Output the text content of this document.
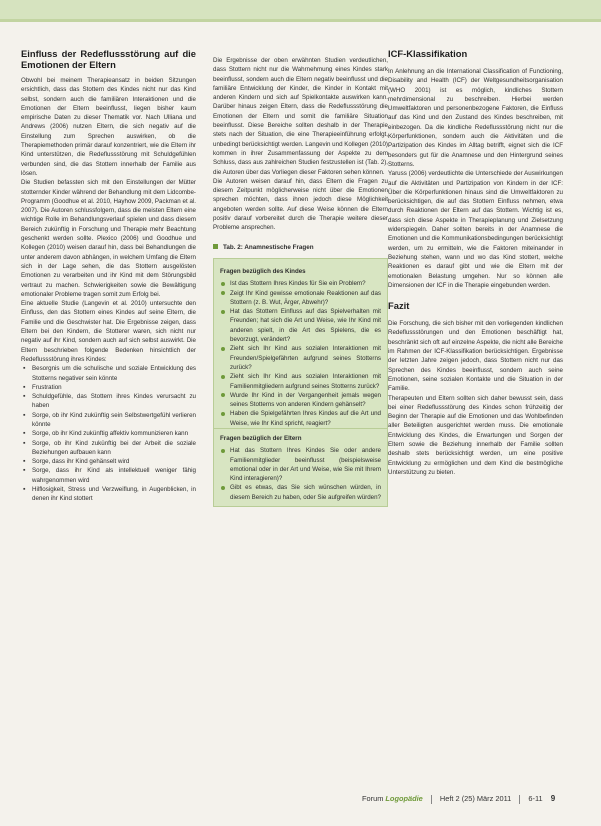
Einfluss der Redeflussstörung auf die Emotionen der Eltern

Obwohl bei meinem Therapieansatz in beiden Sitzungen ersichtlich, dass das Stottern des Kindes nicht nur das Kind selbst, sondern auch die familiären Interaktionen und die Emotionen der Eltern beeinflusst, liegen bisher kaum empirische Daten zu dieser Thematik vor. Nach Ulliana und Andrews (2006) nutzen Eltern, die sich negativ auf die Einstellung zum Sprechen auswirken, ob die Therapiemethoden primär darauf konzentriert, wie die Eltern ihr Kind unterstützen, die Redeflussstörung mit Schuldgefühlen verbunden sind, die das Stottern innerhalb der Familie aus lösen.

Die Studien befassten sich mit den Einstellungen der Mütter stotternder Kinder während der Behandlung mit dem Lidcombe-Programm (Goodhue et al. 2010, Hayhow 2009, Packman et al. 2007). Die Autoren schlussfolgern, dass die meisten Eltern eine wichtige Rolle im Behandlungsverlauf spielen und dass diesem Bereich zukünftig in Forschung und Therapie mehr Beachtung geschenkt werden sollte. Plexico (2006) und Goodhue und Kollegen (2010) weisen darauf hin, dass bei Behandlungen die unter anderem davon abhängen, in welchem Umfang die Eltern sich in der Lage sehen, die das Stottern ausgelösten Emotionen zu verarbeiten und ihr Kind mit dem Störungsbild vertraut zu machen. Schwierigkeiten sowie die Bewältigung emotionaler Probleme tragen somit zum Erfolg bei.

Eine aktuelle Studie (Langevin et al. 2010) untersuchte den Einfluss, den das Stottern eines Kindes auf seine Eltern, die Familie und die Geschwister hat. Die Ergebnisse zeigen, dass Eltern bei den Kindern, die Stotterer waren, sich nicht nur negativ auf ihr Kind, sondern auch auf sich selbst auswirkt. Die Eltern beschrieben folgende Bedenken hinsichtlich der Redeflussstörung ihres Kindes:

▪ Besorgnis um die schulische und soziale Entwicklung des Stotterns negativer sein könnte
▪ Frustration
▪ Schuldgefühle, das Stottern ihres Kindes verursacht zu haben
▪ Sorge, ob ihr Kind zukünftig sein Selbstwertgefühl verlieren könnte
▪ Sorge, ob ihr Kind zukünftig affektiv kommunizieren kann
▪ Sorge, ob ihr Kind zukünftig bei der Arbeit die soziale Beziehungen aufbauen kann
▪ Sorge, dass ihr Kind gehänselt wird
▪ Sorge, dass ihr Kind als intellektuell weniger fähig wahrgenommen wird
▪ Hilflosigkeit, Stress und Verzweiflung, in Augenblicken, in denen ihr Kind stottert

Die Ergebnisse der oben erwähnten Studien verdeutlichen, dass Stottern nicht nur die Wahrnehmung eines Kindes stark beeinflusst, sondern auch die Eltern negativ beeinflusst und die familiäre Entwicklung der Kinder, die Kinder in Kontakt mit anderen Kindern und sich auf Spielkontakte auswirken kann. Darüber hinaus zeigen Eltern, dass die Redeflussstörung die Emotionen der Eltern und somit die familiäre Situation beeinflusst. Diese Bereiche sollten deshalb in der Therapie stets nach der Situation, die eine Therapieeinführung erfolgt, unbedingt berücksichtigt werden. Langevin und Kollegen (2010) kommen in ihrer Zusammenfassung der Aspekte zu dem Schluss, dass aus zahlreichen Studien festzustellen ist (Tab. 2), die Autoren über das Vorliegen dieser Faktoren sehen können.

Die Autoren weisen darauf hin, dass Eltern die Fragen zu diesem Zeitpunkt möglicherweise nicht über die Emotionen sprechen möchten, dass ihnen jedoch diese Möglichkeit angeboten werden sollte. Auf diese Weise können die Eltern positiv darauf vorbereitet durch die Therapie weitere dieser Probleme ansprechen.

Tab. 2: Anamnestische Fragen
Fragen bezüglich des Kindes
Ist das Stottern Ihres Kindes für Sie ein Problem?
Zeigt Ihr Kind gewisse emotionale Reaktionen auf das Stottern (z. B. Wut, Ärger, Abwehr)?
Hat das Stottern Einfluss auf das Spielverhalten mit Freunden; hat sich die Art und Weise, wie Ihr Kind mit anderen spielt, in die Art des Spielens, die es bevorzugt, verändert?
Zieht sich Ihr Kind aus sozialen Interaktionen mit Freunden/Spielgefährten aufgrund seines Stotterns zurück?
Zieht sich Ihr Kind aus sozialen Interaktionen mit Familienmitgliedern aufgrund seines Stotterns zurück?
Wurde Ihr Kind in der Vergangenheit jemals wegen seines Stotterns von anderen Kindern gehänselt?
Haben die Spielgefährten Ihres Kindes auf die Art und Weise, wie Ihr Kind spricht, reagiert?
Fragen bezüglich der Eltern
Hat das Stottern Ihres Kindes Sie oder andere Familienmitglieder beeinflusst (beispielsweise emotional oder in der Art und Weise, wie Sie mit Ihrem Kind interagieren)?
Gibt es etwas, das Sie sich wünschen würden, in diesem Bereich zu haben, oder Sie aufgreifen würden?
ICF-Klassifikation

In Anlehnung an die International Classification of Functioning, Disability and Health (ICF) der Weltgesundheitsorganisation (WHO 2001) ist es möglich, kindliches Stottern mehrdimensional zu beschreiben. Hierbei werden Umweltfaktoren und personenbezogene Faktoren, die Einfluss auf das Kind und den Zustand des Kindes beschreiben, mit einbezogen. Da die kindliche Redeflussstörung nicht nur die Körperfunktionen, sondern auch die Aktivitäten und die Partizipation des Kindes im Alltag betrifft, eignet sich die ICF besonders gut für die Anamnese und den Hintergrund seines Stotterns.

Yaruss (2006) verdeutlichte die Unterschiede der Auswirkungen auf die Aktivitäten und Partizipation von Kindern in der ICF: Über die Körperfunktionen hinaus sind die Umweltfaktoren zu berücksichtigen, die auf das Stottern Einfluss nehmen, etwa durch Reaktionen der Eltern auf das Stottern. Wichtig ist es, dass sich diese Aspekte in Therapieplanung und Zielsetzung widerspiegeln. Daher sollten bereits in der Anamnese die Emotionen und die Kommunikationsbedingungen berücksichtigt werden, um zu ermitteln, wie die Faktoren miteinander in Beziehung stehen, wann und wo das Kind stottert, welche Reaktionen es darauf gibt und wie die Eltern mit der emotionalen Belastung umgehen. Nur so können alle Dimensionen der ICF in die Therapie eingebunden werden.

Fazit

Die Forschung, die sich bisher mit den vorliegenden kindlichen Redeflussstörungen und den Emotionen beschäftigt hat, beschränkt sich oft auf einzelne Aspekte, die nicht alle Bereiche im Rahmen der ICF-Klassifikation berücksichtigen. Ergebnisse der letzten Jahre zeigen jedoch, dass Stottern nicht nur das Sprechen des Kindes beeinflusst, sondern auch seine Emotionen, seine sozialen Kontakte und die Situation in der Familie.

Therapeuten und Eltern sollten sich daher bewusst sein, dass bei einer Redeflussstörung des Kindes schon frühzeitig der Beginn der Therapie auf die Emotionen und das Wohlbefinden aller Beteiligten ausgerichtet werden muss. Die emotionale Entwicklung des Kindes, die Erwartungen und Sorgen der Eltern sowie die Beziehung innerhalb der Familie sollten deshalb stets berücksichtigt werden, um eine positive Entwicklung zu ermöglichen und dem Kind die bestmögliche Unterstützung zu bieten.

Forum Logopädie Heft 2 (25) März 2011 6-11 9
